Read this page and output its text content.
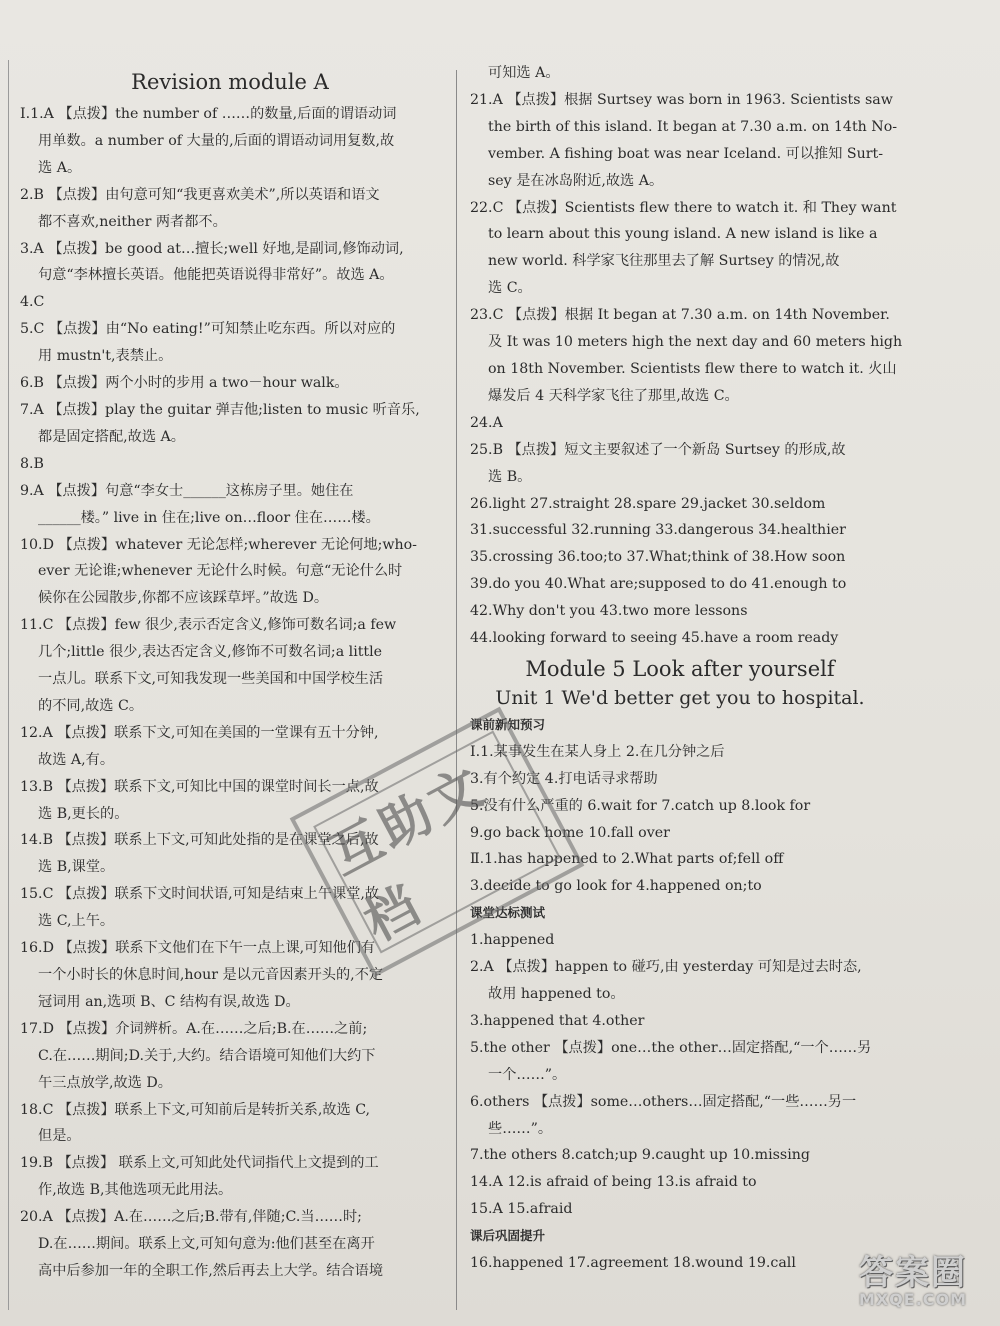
Revision module A
Ⅰ.1.A 【点拨】the number of ……的数量,后面的谓语动词
用单数。a number of 大量的,后面的谓语动词用复数,故
选 A。
2.B 【点拨】由句意可知“我更喜欢美术”,所以英语和语文
都不喜欢,neither 两者都不。
3.A 【点拨】be good at…擅长;well 好地,是副词,修饰动词,
句意“李林擅长英语。他能把英语说得非常好”。故选 A。
4.C
5.C 【点拨】由“No eating!”可知禁止吃东西。所以对应的
用 mustn't,表禁止。
6.B 【点拨】两个小时的步用 a two－hour walk。
7.A 【点拨】play the guitar 弹吉他;listen to music 听音乐,
都是固定搭配,故选 A。
8.B
9.A 【点拨】句意“李女士______这栋房子里。她住在
______楼。” live in 住在;live on…floor 住在……楼。
10.D 【点拨】whatever 无论怎样;wherever 无论何地;who-
ever 无论谁;whenever 无论什么时候。句意“无论什么时
候你在公园散步,你都不应该踩草坪。”故选 D。
11.C 【点拨】few 很少,表示否定含义,修饰可数名词;a few
几个;little 很少,表达否定含义,修饰不可数名词;a little
一点儿。联系下文,可知我发现一些美国和中国学校生活
的不同,故选 C。
12.A 【点拨】联系下文,可知在美国的一堂课有五十分钟,
故选 A,有。
13.B 【点拨】联系下文,可知比中国的课堂时间长一点,故
选 B,更长的。
14.B 【点拨】联系上下文,可知此处指的是在课堂之后,故
选 B,课堂。
15.C 【点拨】联系下文时间状语,可知是结束上午课堂,故
选 C,上午。
16.D 【点拨】联系下文他们在下午一点上课,可知他们有
一个小时长的休息时间,hour 是以元音因素开头的,不定
冠词用 an,选项 B、C 结构有误,故选 D。
17.D 【点拨】介词辨析。A.在……之后;B.在……之前;
C.在……期间;D.关于,大约。结合语境可知他们大约下
午三点放学,故选 D。
18.C 【点拨】联系上下文,可知前后是转折关系,故选 C,
但是。
19.B 【点拨】 联系上文,可知此处代词指代上文提到的工
作,故选 B,其他选项无此用法。
20.A 【点拨】A.在……之后;B.带有,伴随;C.当……时;
D.在……期间。联系上文,可知句意为:他们甚至在离开
高中后参加一年的全职工作,然后再去上大学。结合语境
可知选 A。
21.A 【点拨】根据 Surtsey was born in 1963. Scientists saw
the birth of this island. It began at 7.30 a.m. on 14th No-
vember. A fishing boat was near Iceland. 可以推知 Surt-
sey 是在冰岛附近,故选 A。
22.C 【点拨】Scientists flew there to watch it. 和 They want
to learn about this young island. A new island is like a
new world. 科学家飞往那里去了解 Surtsey 的情况,故
选 C。
23.C 【点拨】根据 It began at 7.30 a.m. on 14th November.
及 It was 10 meters high the next day and 60 meters high
on 18th November. Scientists flew there to watch it. 火山
爆发后 4 天科学家飞往了那里,故选 C。
24.A
25.B 【点拨】短文主要叙述了一个新岛 Surtsey 的形成,故
选 B。
26.light 27.straight 28.spare 29.jacket 30.seldom
31.successful 32.running 33.dangerous 34.healthier
35.crossing 36.too;to 37.What;think of 38.How soon
39.do you 40.What are;supposed to do 41.enough to
42.Why don't you 43.two more lessons
44.looking forward to seeing 45.have a room ready
Module 5 Look after yourself
Unit 1 We'd better get you to hospital.
课前新知预习
Ⅰ.1.某事发生在某人身上 2.在几分钟之后
3.有个约定 4.打电话寻求帮助
5.没有什么严重的 6.wait for 7.catch up 8.look for
9.go back home 10.fall over
Ⅱ.1.has happened to 2.What parts of;fell off
3.decide to go look for 4.happened on;to
课堂达标测试
1.happened
2.A 【点拨】happen to 碰巧,由 yesterday 可知是过去时态,
故用 happened to。
3.happened that 4.other
5.the other 【点拨】one…the other…固定搭配,“一个……另
一个……”。
6.others 【点拨】some…others…固定搭配,“一些……另一
些……”。
7.the others 8.catch;up 9.caught up 10.missing
14.A 12.is afraid of being 13.is afraid to
15.A 15.afraid
课后巩固提升
16.happened 17.agreement 18.wound 19.call
互助文档
答案圈
MXQE.COM
